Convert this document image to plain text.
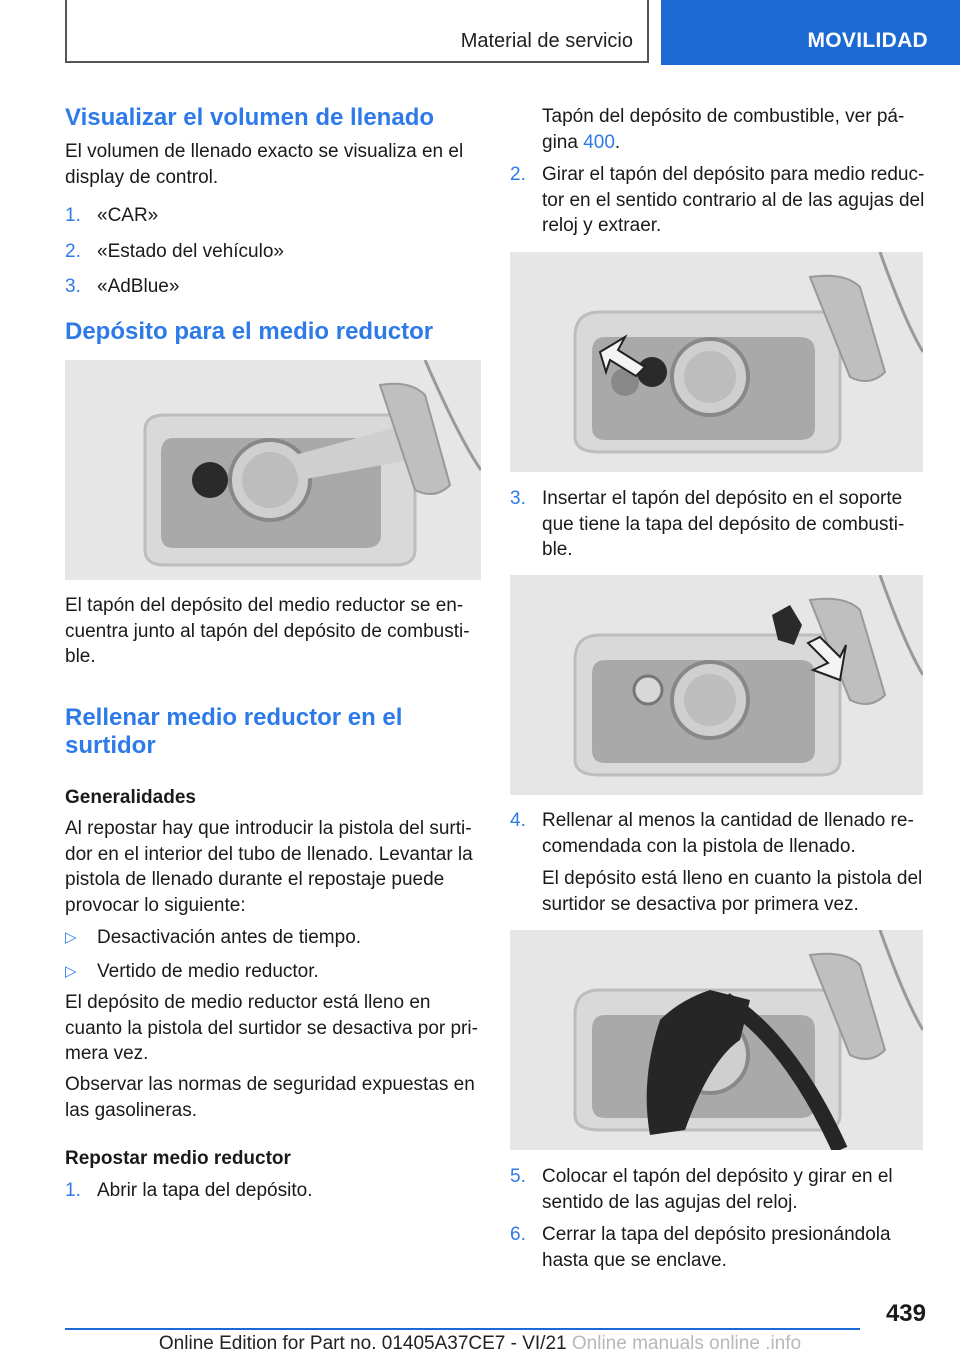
Material de servicio	MOVILIDAD
Visualizar el volumen de llenado

El volumen de llenado exacto se visualiza en el display de control.

1. «CAR»
2. «Estado del vehículo»
3. «AdBlue»
Depósito para el medio reductor

El tapón del depósito del medio reductor se en- cuentra junto al tapón del depósito de combusti- ble.

Rellenar medio reductor en el surtidor

Generalidades

Al repostar hay que introducir la pistola del surti- dor en el interior del tubo de llenado. Levantar la pistola de llenado durante el repostaje puede provocar lo siguiente:

▷ Desactivación antes de tiempo.
▷ Vertido de medio reductor.

El depósito de medio reductor está lleno en cuanto la pistola del surtidor se desactiva por pri- mera vez.

Observar las normas de seguridad expuestas en las gasolineras.

Repostar medio reductor

1. Abrir la tapa del depósito.
Tapón del depósito de combustible, ver pá- gina 400.
2. Girar el tapón del depósito para medio reduc- tor en el sentido contrario al de las agujas del reloj y extraer.
3. Insertar el tapón del depósito en el soporte que tiene la tapa del depósito de combusti- ble.
4. Rellenar al menos la cantidad de llenado re- comendada con la pistola de llenado.

El depósito está lleno en cuanto la pistola del surtidor se desactiva por primera vez.

5. Colocar el tapón del depósito y girar en el sentido de las agujas del reloj.
6. Cerrar la tapa del depósito presionándola hasta que se enclave.
439
Online Edition for Part no. 01405A37CE7 - VI/21 Online manuals online .info
